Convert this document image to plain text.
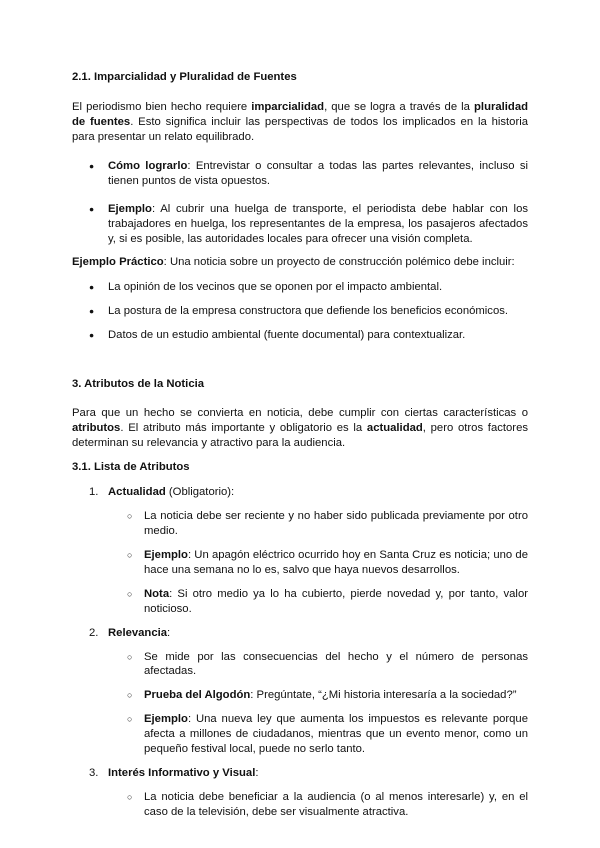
2.1. Imparcialidad y Pluralidad de Fuentes

El periodismo bien hecho requiere imparcialidad, que se logra a través de la pluralidad de fuentes. Esto significa incluir las perspectivas de todos los implicados en la historia para presentar un relato equilibrado.

● Cómo lograrlo: Entrevistar o consultar a todas las partes relevantes, incluso si tienen puntos de vista opuestos.
● Ejemplo: Al cubrir una huelga de transporte, el periodista debe hablar con los trabajadores en huelga, los representantes de la empresa, los pasajeros afectados y, si es posible, las autoridades locales para ofrecer una visión completa.

Ejemplo Práctico: Una noticia sobre un proyecto de construcción polémico debe incluir:

● La opinión de los vecinos que se oponen por el impacto ambiental.
● La postura de la empresa constructora que defiende los beneficios económicos.
● Datos de un estudio ambiental (fuente documental) para contextualizar.
3. Atributos de la Noticia

Para que un hecho se convierta en noticia, debe cumplir con ciertas características o atributos. El atributo más importante y obligatorio es la actualidad, pero otros factores determinan su relevancia y atractivo para la audiencia.

3.1. Lista de Atributos
1. Actualidad (Obligatorio):
○ La noticia debe ser reciente y no haber sido publicada previamente por otro medio.
○ Ejemplo: Un apagón eléctrico ocurrido hoy en Santa Cruz es noticia; uno de hace una semana no lo es, salvo que haya nuevos desarrollos.
○ Nota: Si otro medio ya lo ha cubierto, pierde novedad y, por tanto, valor noticioso.
2. Relevancia:
○ Se mide por las consecuencias del hecho y el número de personas afectadas.
○ Prueba del Algodón: Pregúntate, “¿Mi historia interesaría a la sociedad?”
○ Ejemplo: Una nueva ley que aumenta los impuestos es relevante porque afecta a millones de ciudadanos, mientras que un evento menor, como un pequeño festival local, puede no serlo tanto.
3. Interés Informativo y Visual:
○ La noticia debe beneficiar a la audiencia (o al menos interesarle) y, en el caso de la televisión, debe ser visualmente atractiva.
